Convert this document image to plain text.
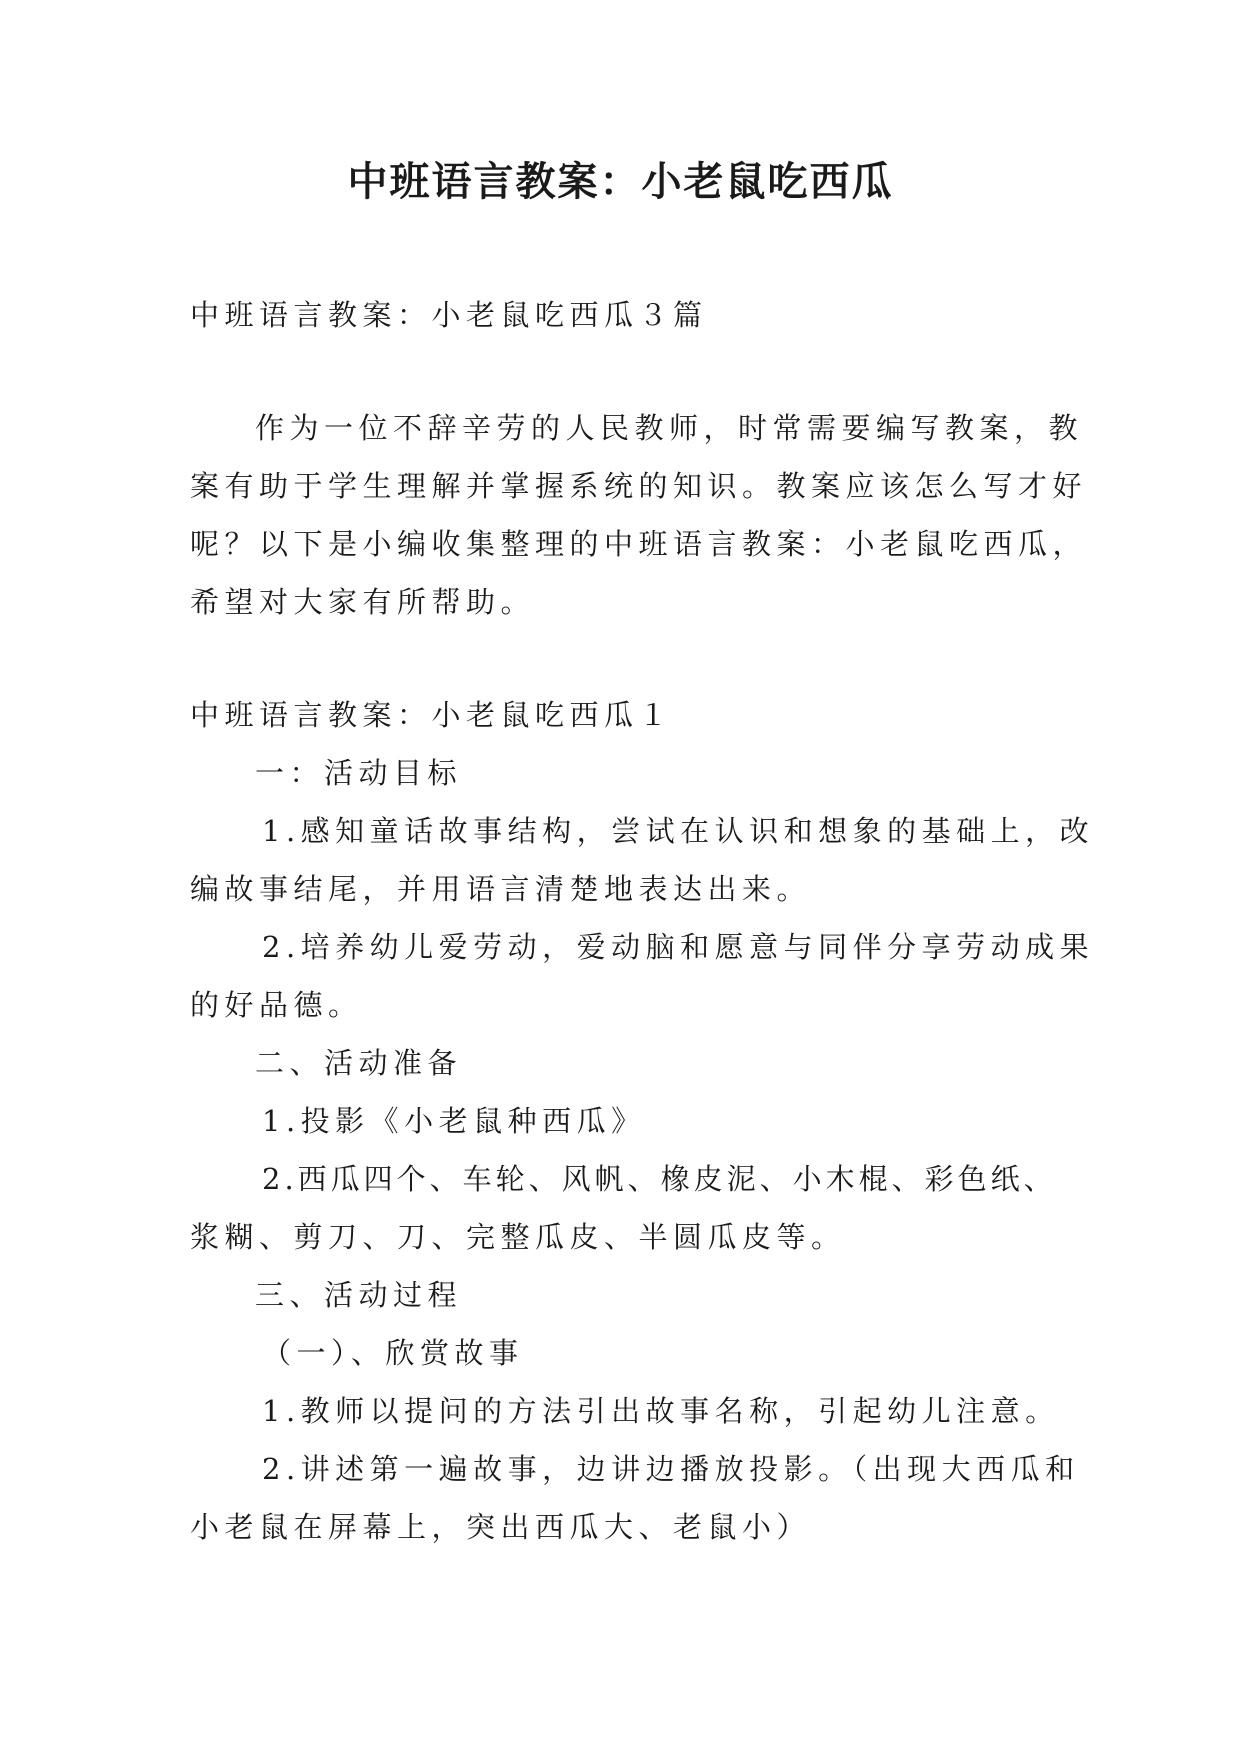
中班语言教案：小老鼠吃西瓜
中班语言教案：小老鼠吃西瓜３篇
作为一位不辞辛劳的人民教师，时常需要编写教案，教
案有助于学生理解并掌握系统的知识。教案应该怎么写才好
呢？以下是小编收集整理的中班语言教案：小老鼠吃西瓜，
希望对大家有所帮助。
中班语言教案：小老鼠吃西瓜１
一：活动目标
1.感知童话故事结构，尝试在认识和想象的基础上，改
编故事结尾，并用语言清楚地表达出来。
2.培养幼儿爱劳动，爱动脑和愿意与同伴分享劳动成果
的好品德。
二、活动准备
1.投影《小老鼠种西瓜》
2.西瓜四个、车轮、风帆、橡皮泥、小木棍、彩色纸、
浆糊、剪刀、刀、完整瓜皮、半圆瓜皮等。
三、活动过程
（一）、欣赏故事
1.教师以提问的方法引出故事名称，引起幼儿注意。
2.讲述第一遍故事，边讲边播放投影。（出现大西瓜和
小老鼠在屏幕上，突出西瓜大、老鼠小）
